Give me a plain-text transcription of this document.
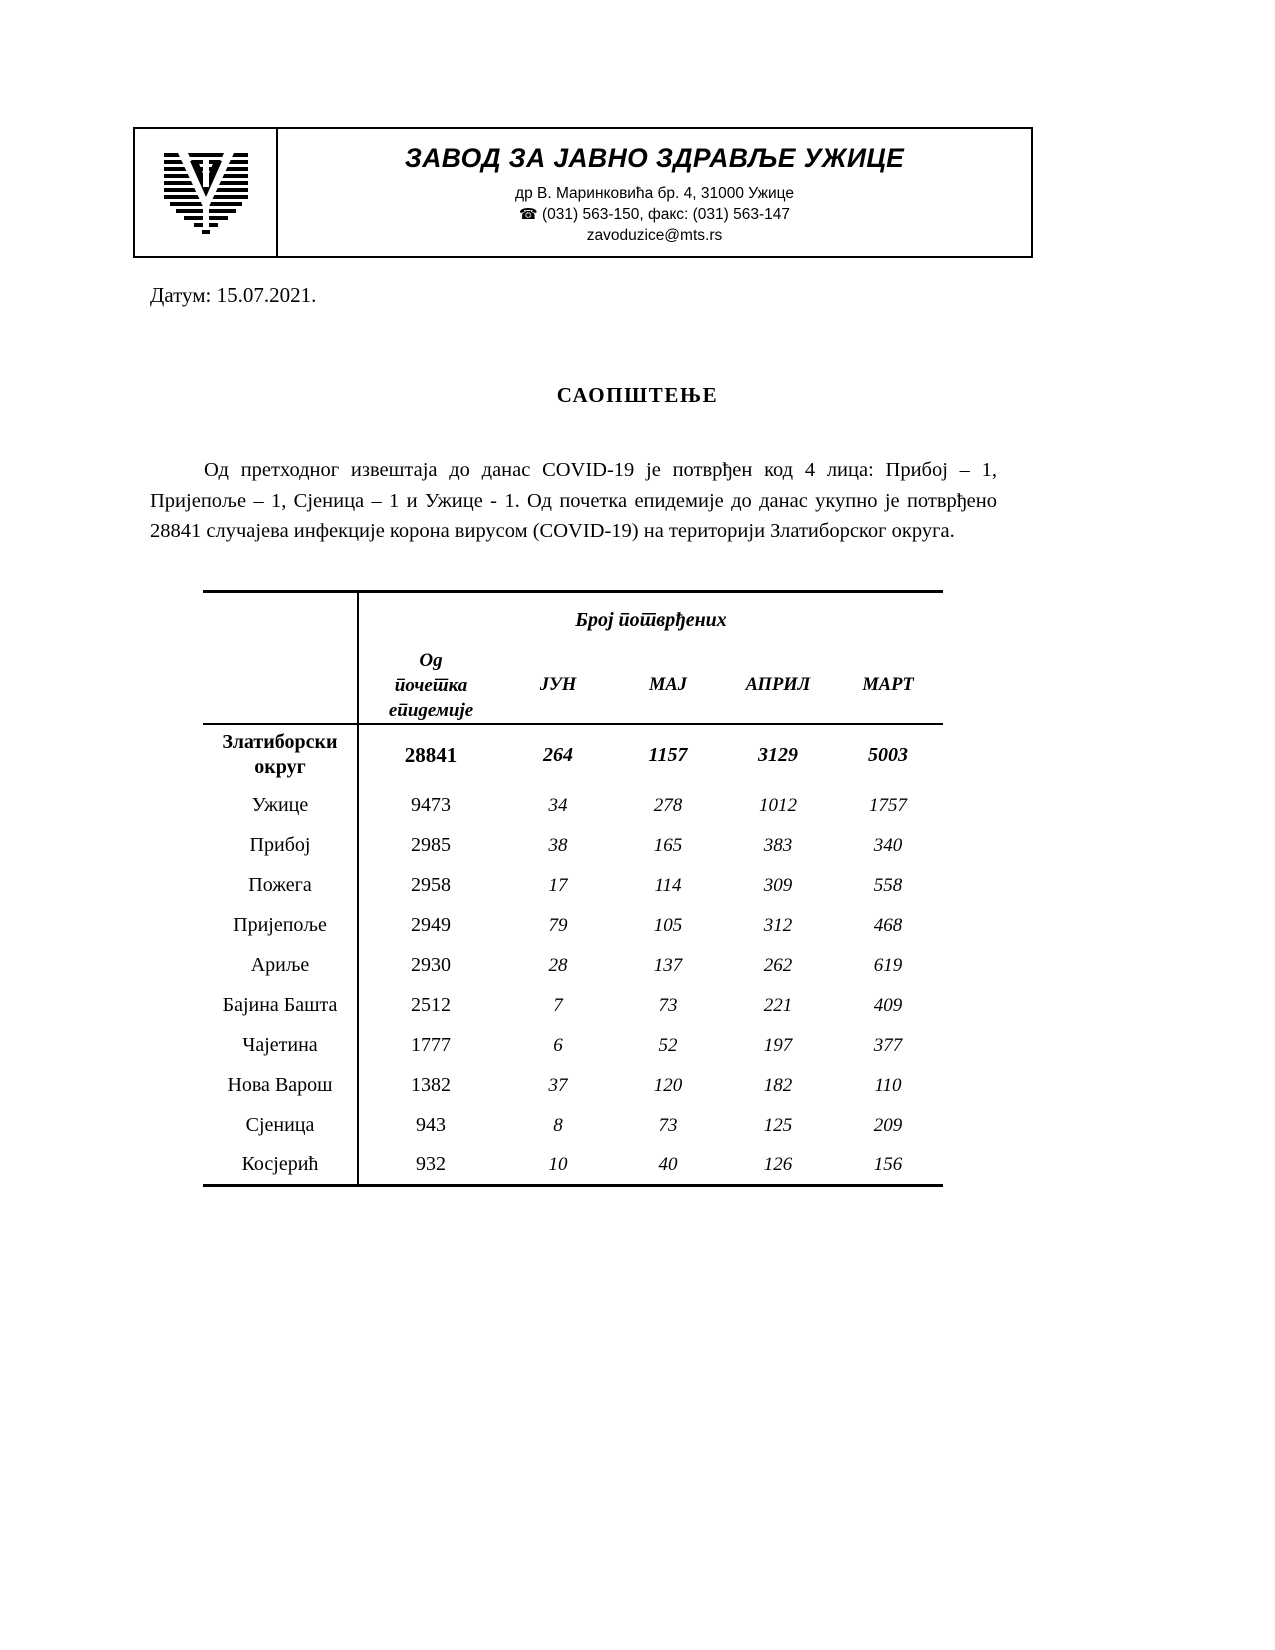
ЗАВОД ЗА ЈАВНО ЗДРАВЉЕ УЖИЦЕ
др В. Маринковића бр. 4, 31000 Ужице
☎ (031) 563-150, факс: (031) 563-147
zavoduzice@mts.rs
Датум: 15.07.2021.
САОПШТЕЊЕ
Од претходног извештаја до данас COVID-19 је потврђен код 4 лица: Прибој – 1, Пријепоље – 1, Сјеница – 1 и Ужице - 1. Од почетка епидемије до данас укупно је потврђено 28841 случајева инфекције корона вирусом (COVID-19) на територији Златиборског округа.
	Број потврђених				

	Од
почетка
епидемије	ЈУН	МАЈ	АПРИЛ	МАРТ

Златиборски
округ	28841	264	1157	3129	5003
Ужице	9473	34	278	1012	1757
Прибој	2985	38	165	383	340
Пожега	2958	17	114	309	558
Пријепоље	2949	79	105	312	468
Ариље	2930	28	137	262	619
Бајина Башта	2512	7	73	221	409
Чајетина	1777	6	52	197	377
Нова Варош	1382	37	120	182	110
Сјеница	943	8	73	125	209
Косјерић	932	10	40	126	156
